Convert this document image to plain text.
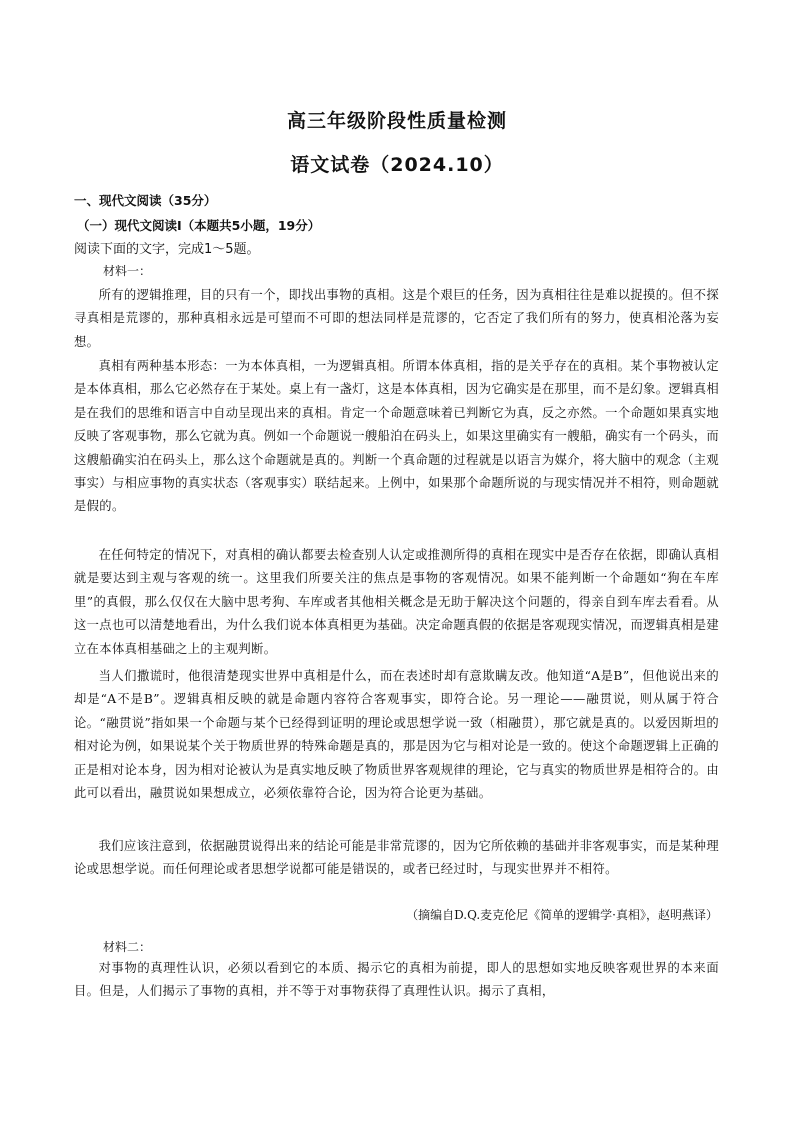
高三年级阶段性质量检测
语文试卷（2024.10）
一、现代文阅读（35分）
（一）现代文阅读Ⅰ（本题共5小题，19分）
阅读下面的文字，完成1～5题。
材料一：

所有的逻辑推理，目的只有一个，即找出事物的真相。这是个艰巨的任务，因为真相往往是难以捉摸的。但不探寻真相是荒谬的，那种真相永远是可望而不可即的想法同样是荒谬的，它否定了我们所有的努力，使真相沦落为妄想。

真相有两种基本形态：一为本体真相，一为逻辑真相。所谓本体真相，指的是关乎存在的真相。某个事物被认定是本体真相，那么它必然存在于某处。桌上有一盏灯，这是本体真相，因为它确实是在那里，而不是幻象。逻辑真相是在我们的思维和语言中自动呈现出来的真相。肯定一个命题意味着已判断它为真，反之亦然。一个命题如果真实地反映了客观事物，那么它就为真。例如一个命题说一艘船泊在码头上，如果这里确实有一艘船，确实有一个码头，而这艘船确实泊在码头上，那么这个命题就是真的。判断一个真命题的过程就是以语言为媒介，将大脑中的观念（主观事实）与相应事物的真实状态（客观事实）联结起来。上例中，如果那个命题所说的与现实情况并不相符，则命题就是假的。

在任何特定的情况下，对真相的确认都要去检查别人认定或推测所得的真相在现实中是否存在依据，即确认真相就是要达到主观与客观的统一。这里我们所要关注的焦点是事物的客观情况。如果不能判断一个命题如“狗在车库里”的真假，那么仅仅在大脑中思考狗、车库或者其他相关概念是无助于解决这个问题的，得亲自到车库去看看。从这一点也可以清楚地看出，为什么我们说本体真相更为基础。决定命题真假的依据是客观现实情况，而逻辑真相是建立在本体真相基础之上的主观判断。

当人们撒谎时，他很清楚现实世界中真相是什么，而在表述时却有意欺瞒友改。他知道“A是B”，但他说出来的却是“A不是B”。逻辑真相反映的就是命题内容符合客观事实，即符合论。另一理论——融贯说，则从属于符合论。“融贯说”指如果一个命题与某个已经得到证明的理论或思想学说一致（相融贯），那它就是真的。以爱因斯坦的相对论为例，如果说某个关于物质世界的特殊命题是真的，那是因为它与相对论是一致的。使这个命题逻辑上正确的正是相对论本身，因为相对论被认为是真实地反映了物质世界客观规律的理论，它与真实的物质世界是相符合的。由此可以看出，融贯说如果想成立，必须依靠符合论，因为符合论更为基础。

我们应该注意到，依据融贯说得出来的结论可能是非常荒谬的，因为它所依赖的基础并非客观事实，而是某种理论或思想学说。而任何理论或者思想学说都可能是错误的，或者已经过时，与现实世界并不相符。

（摘编自D.Q.麦克伦尼《简单的逻辑学·真相》，赵明燕译）
材料二：

对事物的真理性认识，必须以看到它的本质、揭示它的真相为前提，即人的思想如实地反映客观世界的本来面目。但是，人们揭示了事物的真相，并不等于对事物获得了真理性认识。揭示了真相，
